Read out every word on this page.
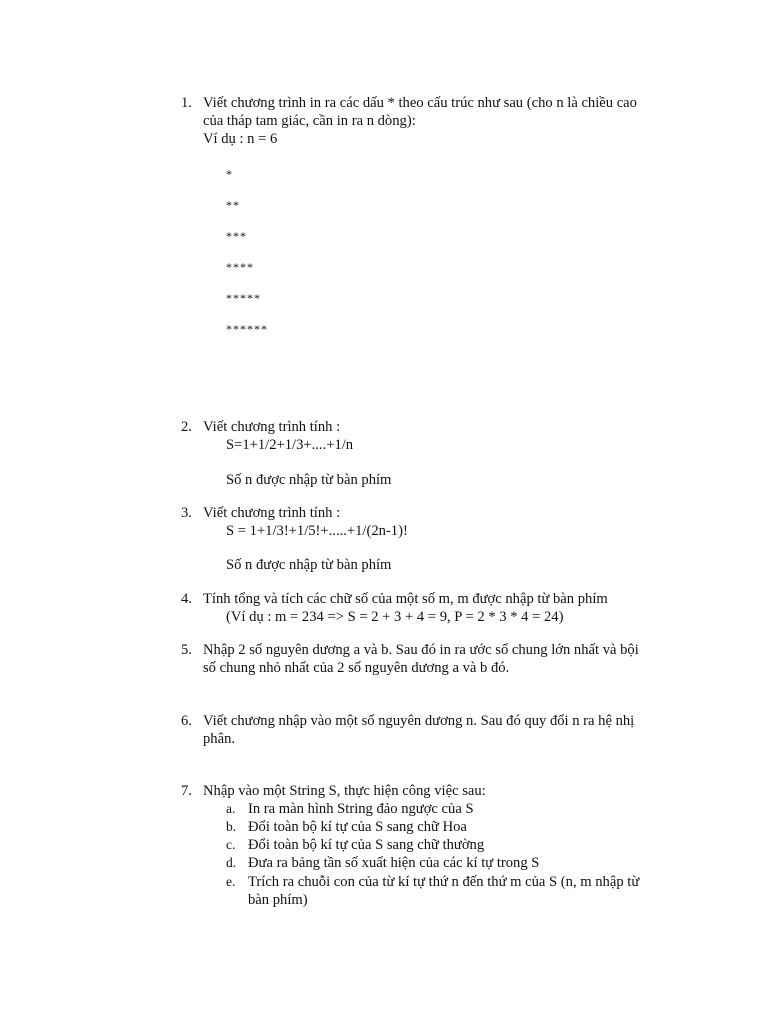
1. Viết chương trình in ra các dấu * theo cấu trúc như sau (cho n là chiều cao
của tháp tam giác, cần in ra n dòng):
Ví dụ : n = 6
*
**
***
****
*****
******
2. Viết chương trình tính :
S=1+1/2+1/3+....+1/n
Số n được nhập từ bàn phím
3. Viết chương trình tính :
S = 1+1/3!+1/5!+.....+1/(2n-1)!
Số n được nhập từ bàn phím
4. Tính tổng và tích các chữ số của một số m, m được nhập từ bàn phím
(Ví dụ : m = 234 => S = 2 + 3 + 4 = 9, P = 2 * 3 * 4 = 24)
5. Nhập 2 số nguyên dương a và b. Sau đó in ra ước số chung lớn nhất và bội
số chung nhỏ nhất của 2 số nguyên dương a và b đó.
6. Viết chương nhập vào một số nguyên dương n. Sau đó quy đổi n ra hệ nhị
phân.
7. Nhập vào một String S, thực hiện công việc sau:
a. In ra màn hình String đảo ngược của S
b. Đổi toàn bộ kí tự của S sang chữ Hoa
c. Đổi toàn bộ kí tự của S sang chữ thường
d. Đưa ra bảng tần số xuất hiện của các kí tự trong S
e. Trích ra chuỗi con của từ kí tự thứ n đến thứ m của S (n, m nhập từ
bàn phím)
